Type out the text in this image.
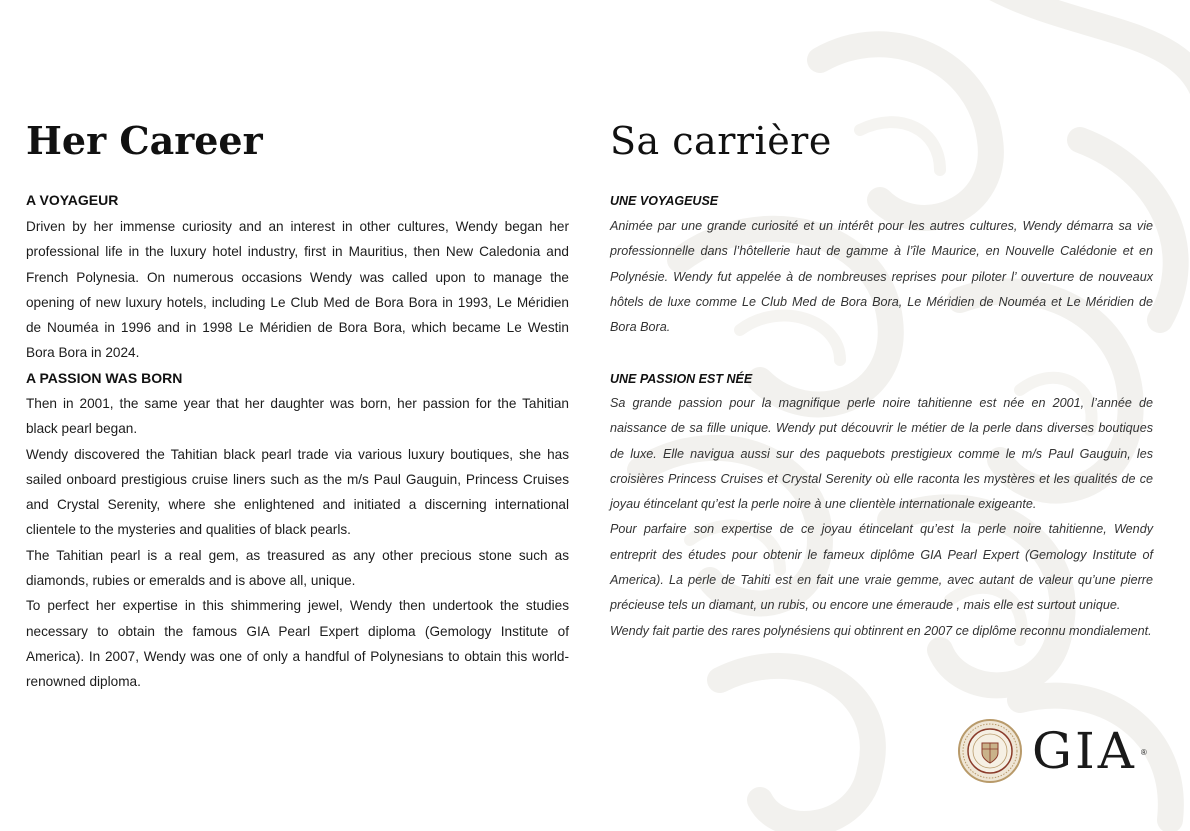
Her Career
A VOYAGEUR

Driven by her immense curiosity and an interest in other cultures, Wendy began her professional life in the luxury hotel industry, first in Mauritius, then New Caledonia and French Polynesia. On numerous occasions Wendy was called upon to manage the opening of new luxury hotels, including Le Club Med de Bora Bora in 1993, Le Méridien de Nouméa in 1996 and in 1998 Le Méridien de Bora Bora, which became Le Westin Bora Bora in 2024.

A PASSION WAS BORN

Then in 2001, the same year that her daughter was born, her passion for the Tahitian black pearl began.

Wendy discovered the Tahitian black pearl trade via various luxury boutiques, she has sailed onboard prestigious cruise liners such as the m/s Paul Gauguin, Princess Cruises and Crystal Serenity, where she enlightened and initiated a discerning international clientele to the mysteries and qualities of black pearls.

The Tahitian pearl is a real gem, as treasured as any other precious stone such as diamonds, rubies or emeralds and is above all, unique.

To perfect her expertise in this shimmering jewel, Wendy then undertook the studies necessary to obtain the famous GIA Pearl Expert diploma (Gemology Institute of America). In 2007, Wendy was one of only a handful of Polynesians to obtain this world-renowned diploma.

Sa carrière
UNE VOYAGEUSE

Animée par une grande curiosité et un intérêt pour les autres cultures, Wendy démarra sa vie professionnelle dans l’hôtellerie haut de gamme à l’île Maurice, en Nouvelle Calédonie et en Polynésie. Wendy fut appelée à de nombreuses reprises pour piloter l’ ouverture de nouveaux hôtels de luxe comme Le Club Med de Bora Bora, Le Méridien de Nouméa et Le Méridien de Bora Bora.

UNE PASSION EST NÉE

Sa grande passion pour la magnifique perle noire tahitienne est née en 2001, l’année de naissance de sa fille unique. Wendy put découvrir le métier de la perle dans diverses boutiques de luxe. Elle navigua aussi sur des paquebots prestigieux comme le m/s Paul Gauguin, les croisières Princess Cruises et Crystal Serenity où elle raconta les mystères et les qualités de ce joyau étincelant qu’est la perle noire à une clientèle internationale exigeante.

Pour parfaire son expertise de ce joyau étincelant qu’est la perle noire tahitienne, Wendy entreprit des études pour obtenir le fameux diplôme GIA Pearl Expert (Gemology Institute of America). La perle de Tahiti est en fait une vraie gemme, avec autant de valeur qu’une pierre précieuse tels un diamant, un rubis, ou encore une émeraude , mais elle est surtout unique.

Wendy fait partie des rares polynésiens qui obtinrent en 2007 ce diplôme reconnu mondialement.

GIA ®
